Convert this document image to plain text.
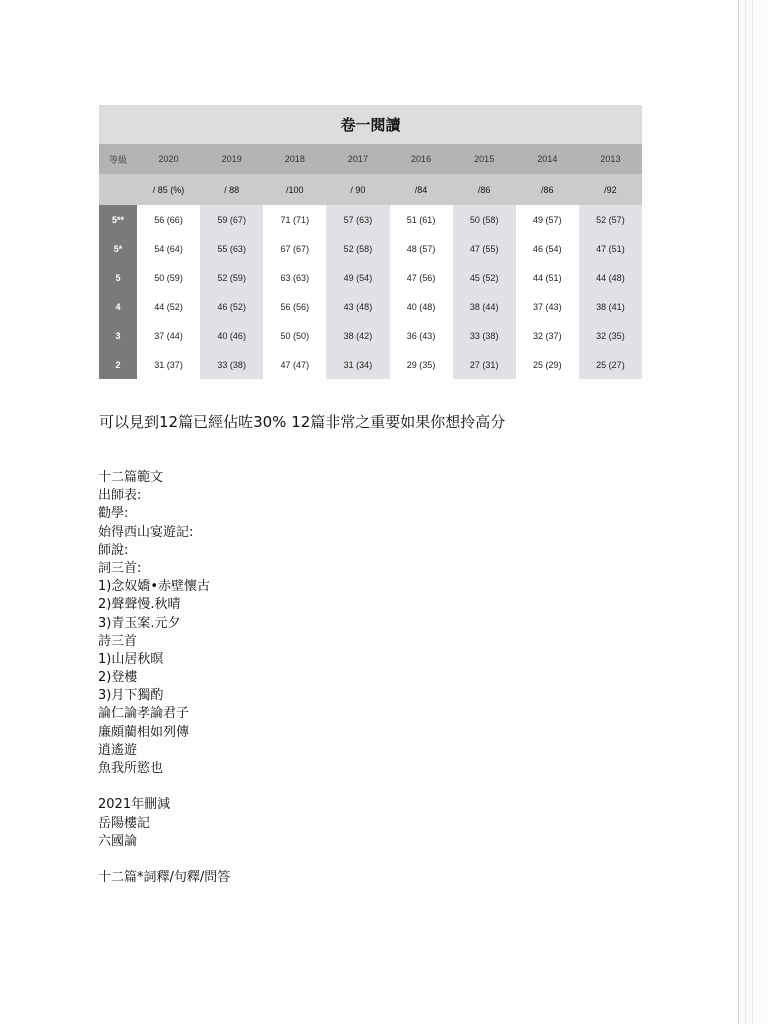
卷一閱讀
等級	2020	2019	2018	2017	2016	2015	2014	2013
	/ 85 (%)	/ 88	/100	/ 90	/84	/86	/86	/92
5**	56 (66)	59 (67)	71 (71)	57 (63)	51 (61)	50 (58)	49 (57)	52 (57)
5*	54 (64)	55 (63)	67 (67)	52 (58)	48 (57)	47 (55)	46 (54)	47 (51)
5	50 (59)	52 (59)	63 (63)	49 (54)	47 (56)	45 (52)	44 (51)	44 (48)
4	44 (52)	46 (52)	56 (56)	43 (48)	40 (48)	38 (44)	37 (43)	38 (41)
3	37 (44)	40 (46)	50 (50)	38 (42)	36 (43)	33 (38)	32 (37)	32 (35)
2	31 (37)	33 (38)	47 (47)	31 (34)	29 (35)	27 (31)	25 (29)	25 (27)
可以見到12篇已經佔咗30% 12篇非常之重要如果你想拎高分
十二篇範文
出師表:
勸學:
始得西山宴遊記:
師說:
詞三首:
1)念奴嬌•赤壁懷古
2)聲聲慢.秋晴
3)青玉案.元夕
詩三首
1)山居秋暝
2)登樓
3)月下獨酌
論仁論孝論君子
廉頗藺相如列傳
逍遙遊
魚我所慾也
2021年刪減
岳陽樓記
六國論
十二篇*詞釋/句釋/問答
